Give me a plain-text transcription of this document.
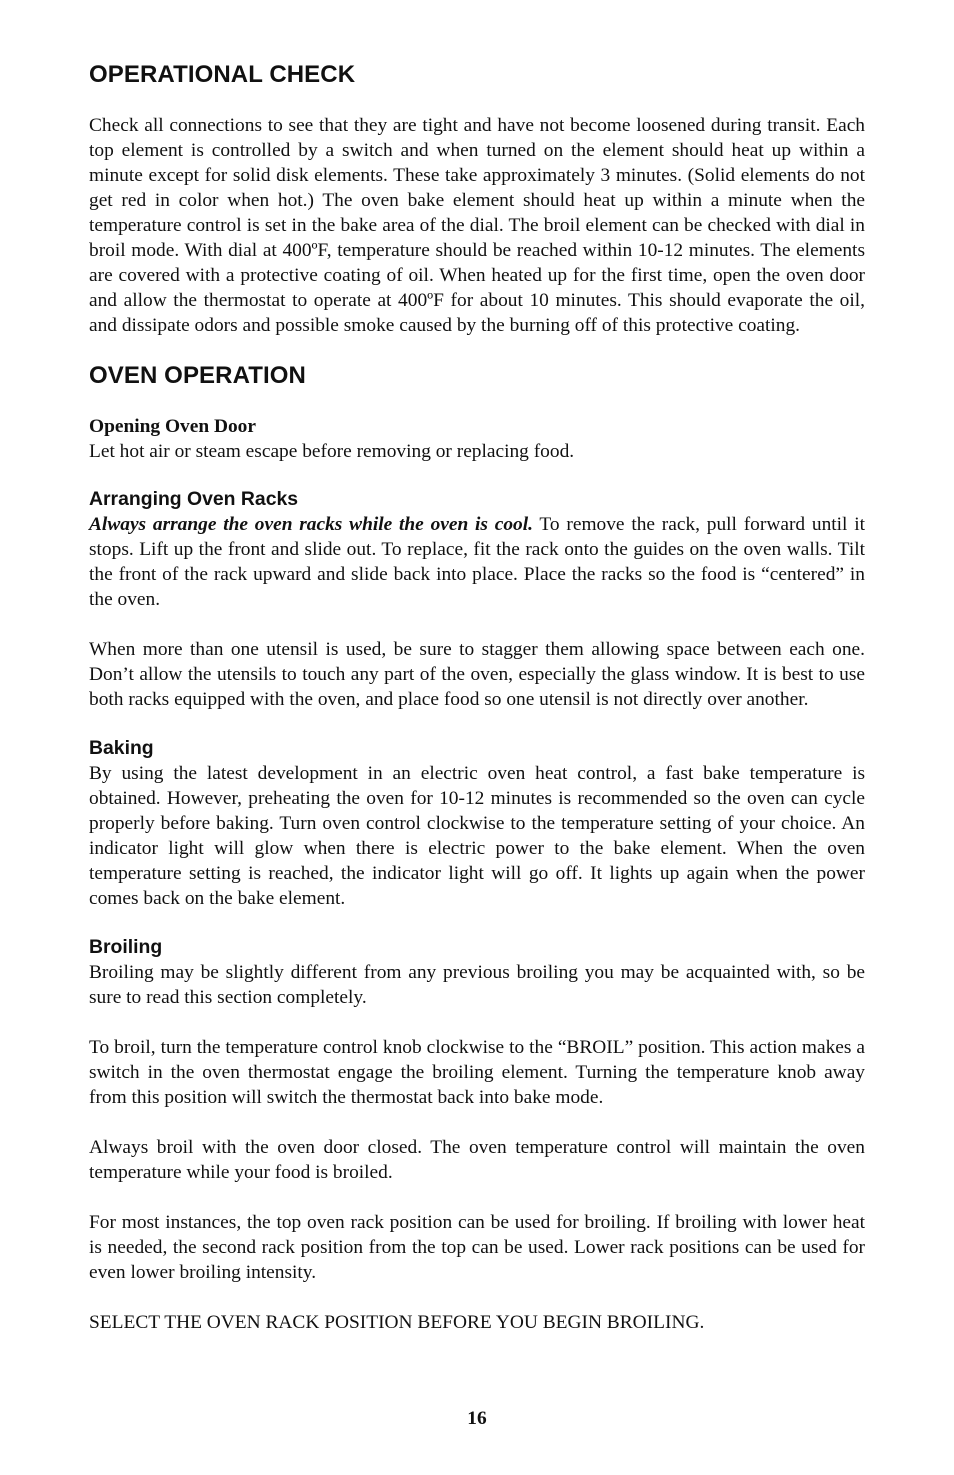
OPERATIONAL CHECK

Check all connections to see that they are tight and have not become loosened during transit. Each top element is controlled by a switch and when turned on the element should heat up within a minute except for solid disk elements. These take approximately 3 minutes. (Solid elements do not get red in color when hot.) The oven bake element should heat up within a minute when the temperature control is set in the bake area of the dial. The broil element can be checked with dial in broil mode. With dial at 400ºF, temperature should be reached within 10-12 minutes. The elements are covered with a protective coating of oil. When heated up for the first time, open the oven door and allow the thermostat to operate at 400ºF for about 10 minutes. This should evaporate the oil, and dissipate odors and possible smoke caused by the burning off of this protective coating.

OVEN OPERATION
Opening Oven Door

Let hot air or steam escape before removing or replacing food.

Arranging Oven Racks

Always arrange the oven racks while the oven is cool. To remove the rack, pull forward until it stops. Lift up the front and slide out. To replace, fit the rack onto the guides on the oven walls. Tilt the front of the rack upward and slide back into place. Place the racks so the food is “centered” in the oven.

When more than one utensil is used, be sure to stagger them allowing space between each one. Don’t allow the utensils to touch any part of the oven, especially the glass window. It is best to use both racks equipped with the oven, and place food so one utensil is not directly over another.

Baking

By using the latest development in an electric oven heat control, a fast bake temperature is obtained. However, preheating the oven for 10-12 minutes is recommended so the oven can cycle properly before baking. Turn oven control clockwise to the temperature setting of your choice. An indicator light will glow when there is electric power to the bake element. When the oven temperature setting is reached, the indicator light will go off. It lights up again when the power comes back on the bake element.

Broiling

Broiling may be slightly different from any previous broiling you may be acquainted with, so be sure to read this section completely.

To broil, turn the temperature control knob clockwise to the “BROIL” position. This action makes a switch in the oven thermostat engage the broiling element. Turning the temperature knob away from this position will switch the thermostat back into bake mode.

Always broil with the oven door closed. The oven temperature control will maintain the oven temperature while your food is broiled.

For most instances, the top oven rack position can be used for broiling. If broiling with lower heat is needed, the second rack position from the top can be used. Lower rack positions can be used for even lower broiling intensity.

SELECT THE OVEN RACK POSITION BEFORE YOU BEGIN BROILING.

16
